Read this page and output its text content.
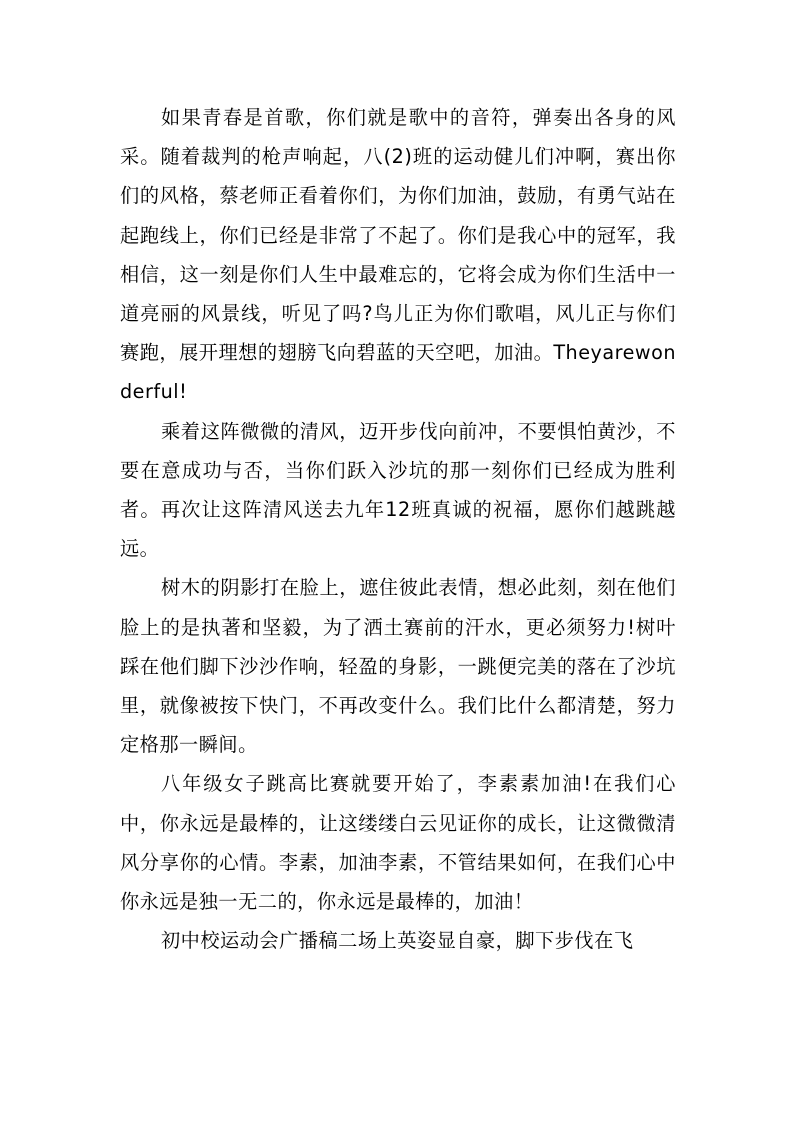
如果青春是首歌，你们就是歌中的音符，弹奏出各身的风采。随着裁判的枪声响起，八(2)班的运动健儿们冲啊，赛出你们的风格，蔡老师正看着你们，为你们加油，鼓励，有勇气站在起跑线上，你们已经是非常了不起了。你们是我心中的冠军，我相信，这一刻是你们人生中最难忘的，它将会成为你们生活中一道亮丽的风景线，听见了吗?鸟儿正为你们歌唱，风儿正与你们赛跑，展开理想的翅膀飞向碧蓝的天空吧，加油。Theyarewonderful!

乘着这阵微微的清风，迈开步伐向前冲，不要惧怕黄沙，不要在意成功与否，当你们跃入沙坑的那一刻你们已经成为胜利者。再次让这阵清风送去九年12班真诚的祝福，愿你们越跳越远。

树木的阴影打在脸上，遮住彼此表情，想必此刻，刻在他们脸上的是执著和坚毅，为了洒土赛前的汗水，更必须努力!树叶踩在他们脚下沙沙作响，轻盈的身影，一跳便完美的落在了沙坑里，就像被按下快门，不再改变什么。我们比什么都清楚，努力定格那一瞬间。

八年级女子跳高比赛就要开始了，李素素加油!在我们心中，你永远是最棒的，让这缕缕白云见证你的成长，让这微微清风分享你的心情。李素，加油李素，不管结果如何，在我们心中你永远是独一无二的，你永远是最棒的，加油！

初中校运动会广播稿二场上英姿显自豪，脚下步伐在飞
